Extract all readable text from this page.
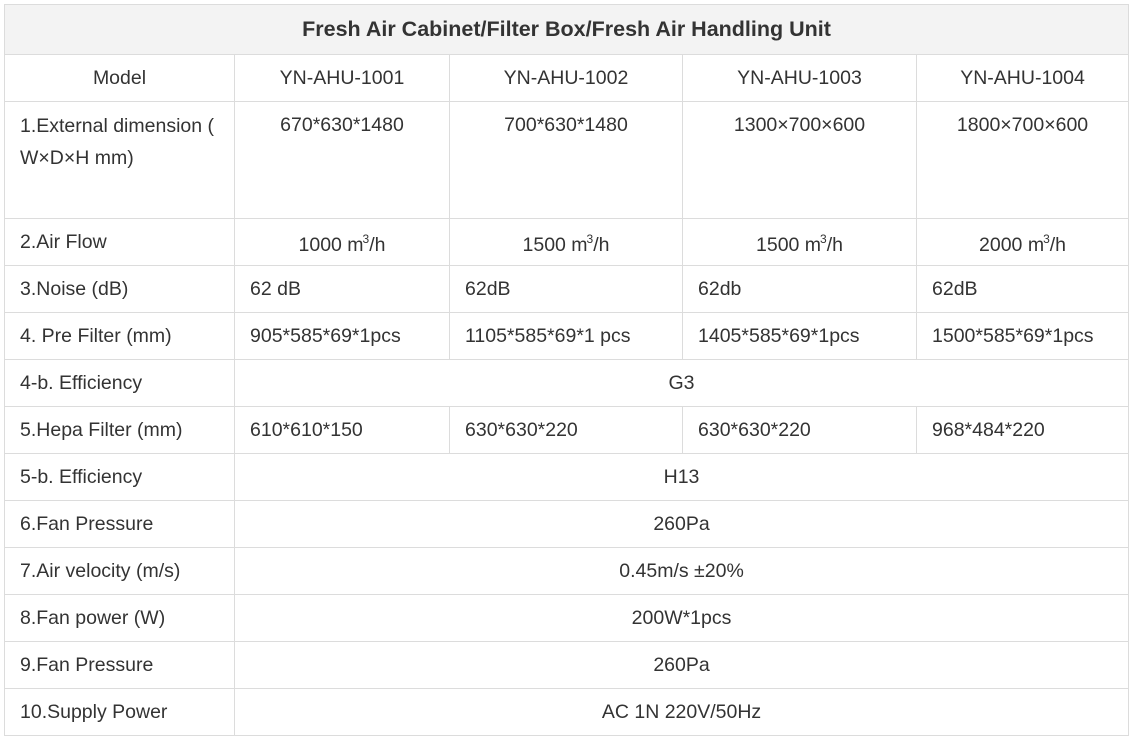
Fresh Air Cabinet/Filter Box/Fresh Air Handling Unit				
Model	YN-AHU-1001	YN-AHU-1002	YN-AHU-1003	YN-AHU-1004
1.External dimension ( W×D×H mm)	670*630*1480	700*630*1480	1300×700×600	1800×700×600
2.Air Flow	1000 $m^3/h$	1500 $m^3/h$	1500 $m^3/h$	2000 $m^3/h$
3.Noise (dB)	62 dB	62dB	62db	62dB
4. Pre Filter (mm)	905*585*69*1pcs	1105*585*69*1 pcs	1405*585*69*1pcs	1500*585*69*1pcs
4-b. Efficiency	G3			
5.Hepa Filter (mm)	610*610*150	630*630*220	630*630*220	968*484*220
5-b. Efficiency	H13			
6.Fan Pressure	260Pa			
7.Air velocity (m/s)	0.45m/s ±20%			
8.Fan power (W)	200W*1pcs			
9.Fan Pressure	260Pa			
10.Supply Power	AC 1N 220V/50Hz			
